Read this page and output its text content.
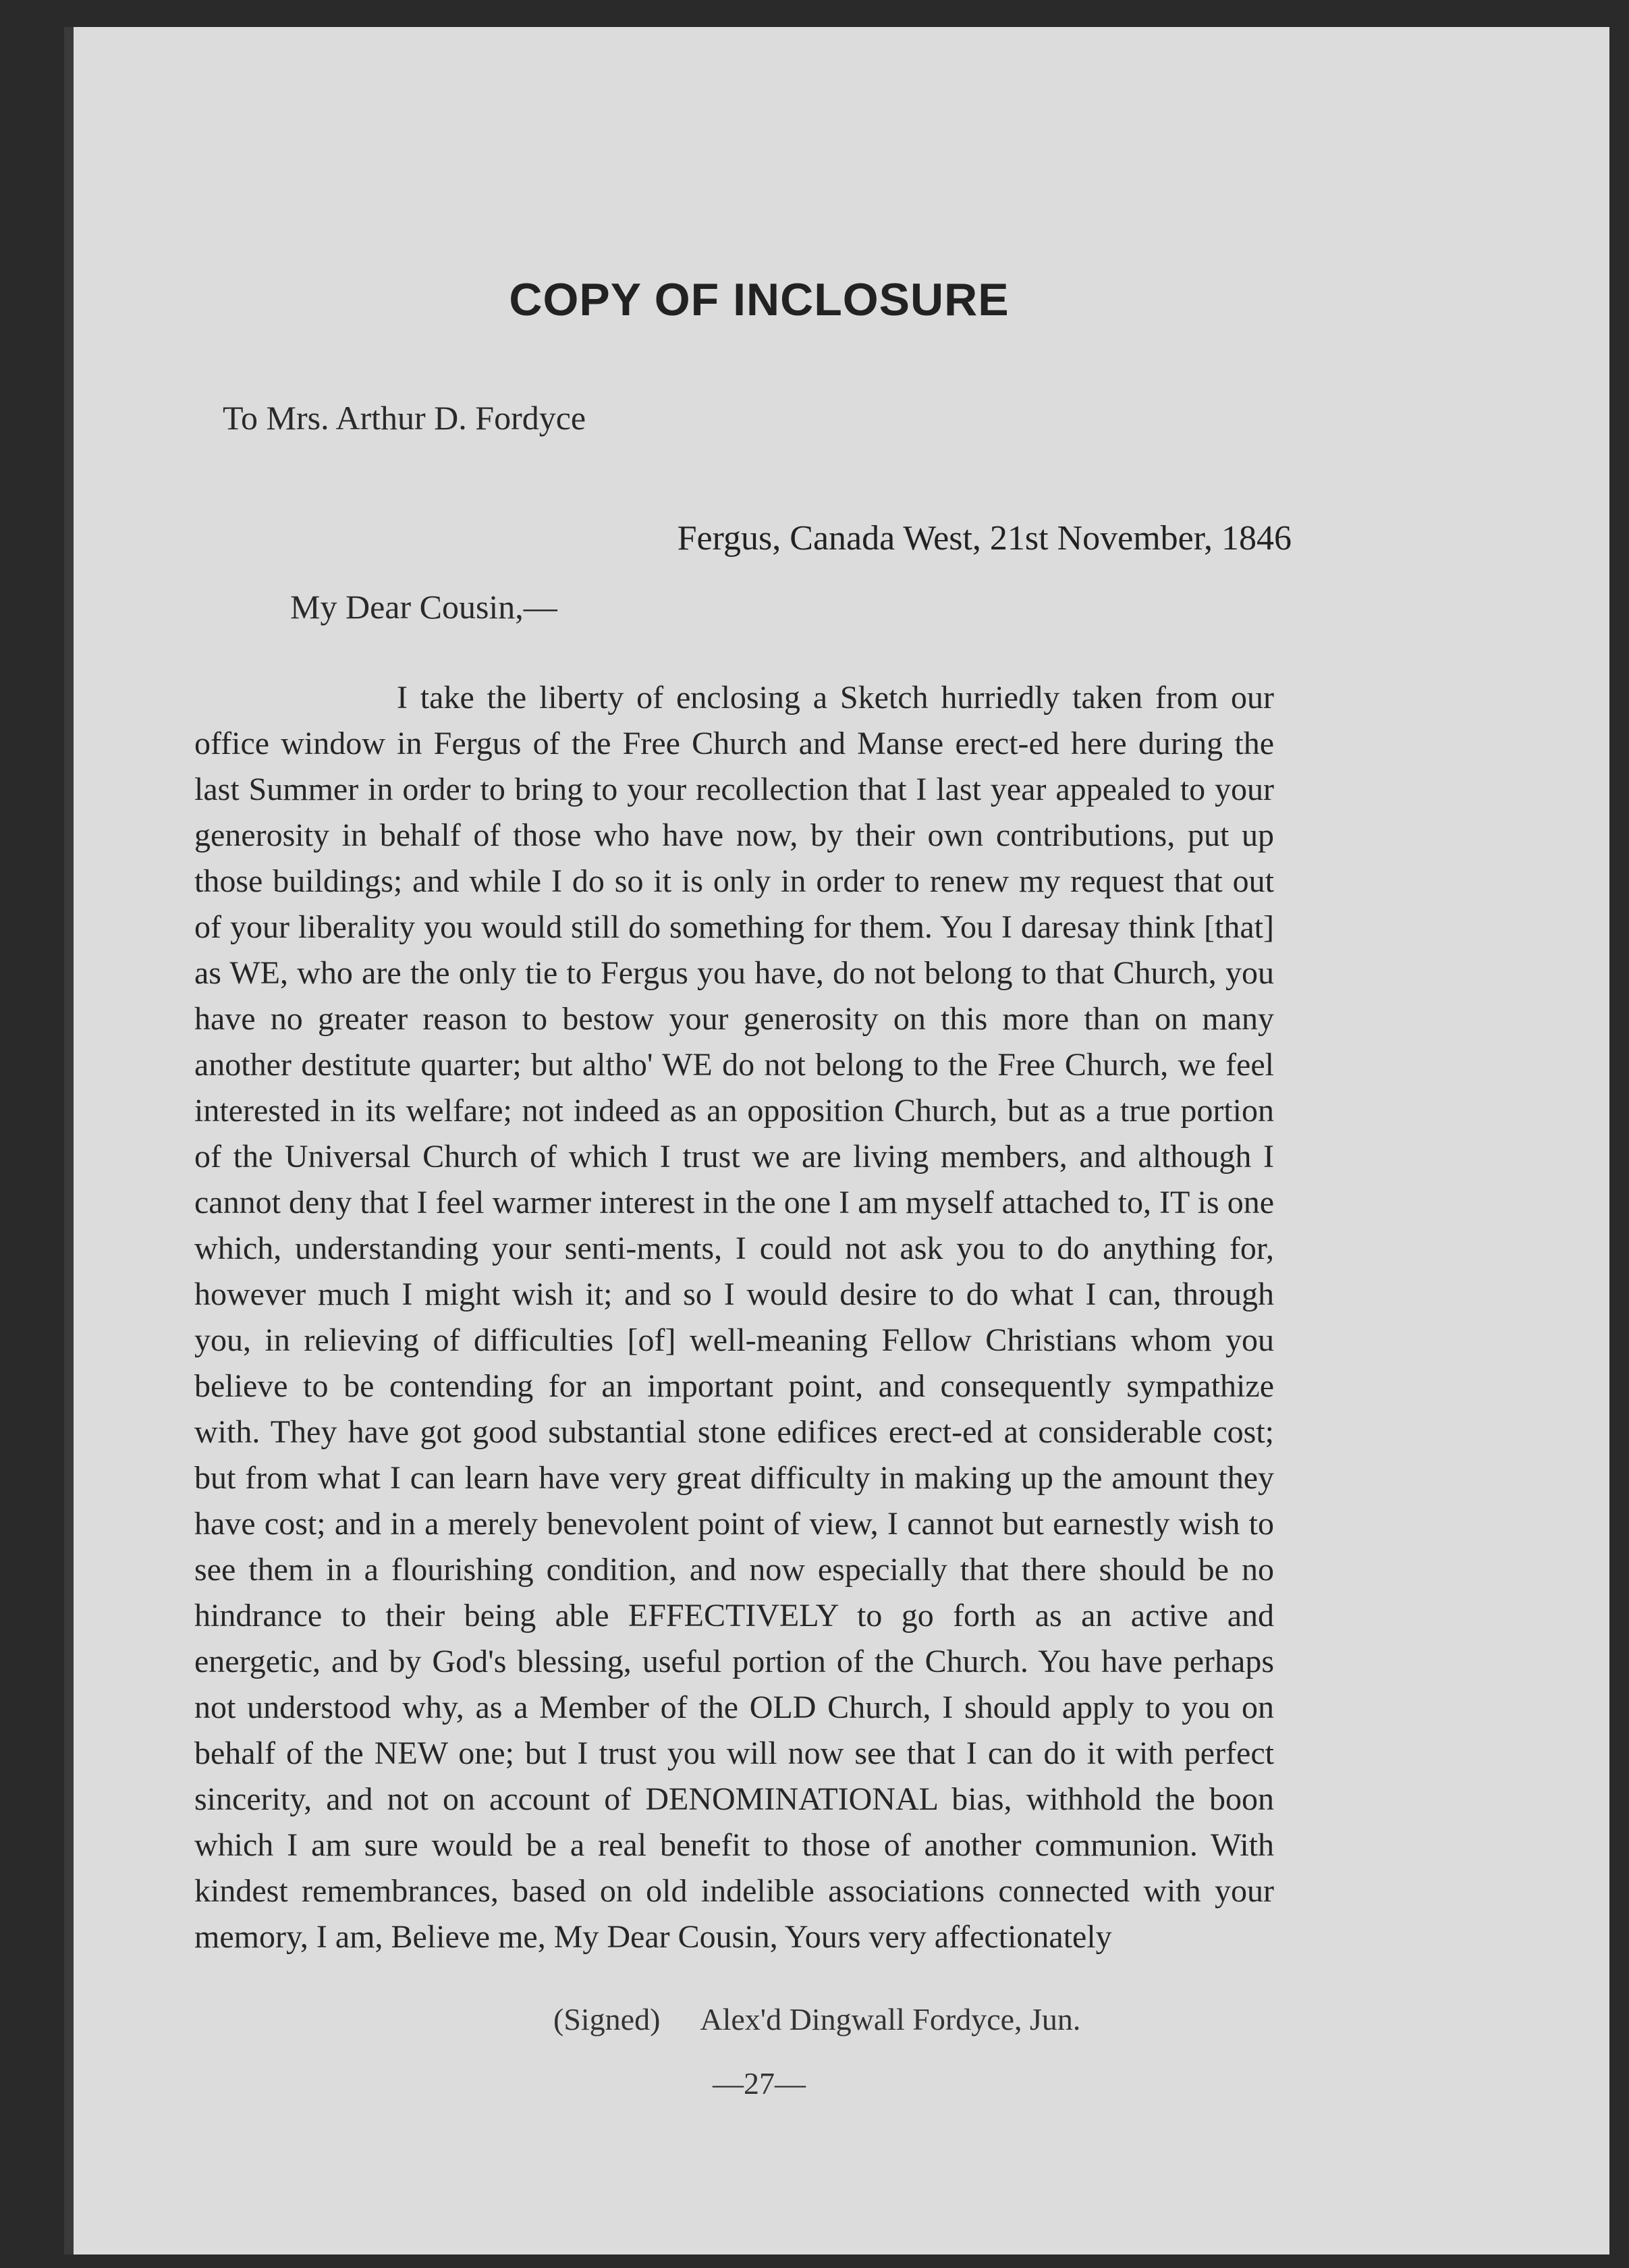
COPY OF INCLOSURE
To Mrs. Arthur D. Fordyce
Fergus, Canada West, 21st November, 1846
My Dear Cousin,—
I take the liberty of enclosing a Sketch hurriedly taken from our office window in Fergus of the Free Church and Manse erect-ed here during the last Summer in order to bring to your recollection that I last year appealed to your generosity in behalf of those who have now, by their own contributions, put up those buildings; and while I do so it is only in order to renew my request that out of your liberality you would still do something for them. You I daresay think [that] as WE, who are the only tie to Fergus you have, do not belong to that Church, you have no greater reason to bestow your generosity on this more than on many another destitute quarter; but altho' WE do not belong to the Free Church, we feel interested in its welfare; not indeed as an opposition Church, but as a true portion of the Universal Church of which I trust we are living members, and although I cannot deny that I feel warmer interest in the one I am myself attached to, IT is one which, understanding your senti-ments, I could not ask you to do anything for, however much I might wish it; and so I would desire to do what I can, through you, in relieving of difficulties [of] well-meaning Fellow Christians whom you believe to be contending for an important point, and consequently sympathize with. They have got good substantial stone edifices erect-ed at considerable cost; but from what I can learn have very great difficulty in making up the amount they have cost; and in a merely benevolent point of view, I cannot but earnestly wish to see them in a flourishing condition, and now especially that there should be no hindrance to their being able EFFECTIVELY to go forth as an active and energetic, and by God's blessing, useful portion of the Church. You have perhaps not understood why, as a Member of the OLD Church, I should apply to you on behalf of the NEW one; but I trust you will now see that I can do it with perfect sincerity, and not on account of DENOMINATIONAL bias, withhold the boon which I am sure would be a real benefit to those of another communion. With kindest remembrances, based on old indelible associations connected with your memory, I am, Believe me, My Dear Cousin, Yours very affectionately
(Signed) Alex'd Dingwall Fordyce, Jun.
—27—
